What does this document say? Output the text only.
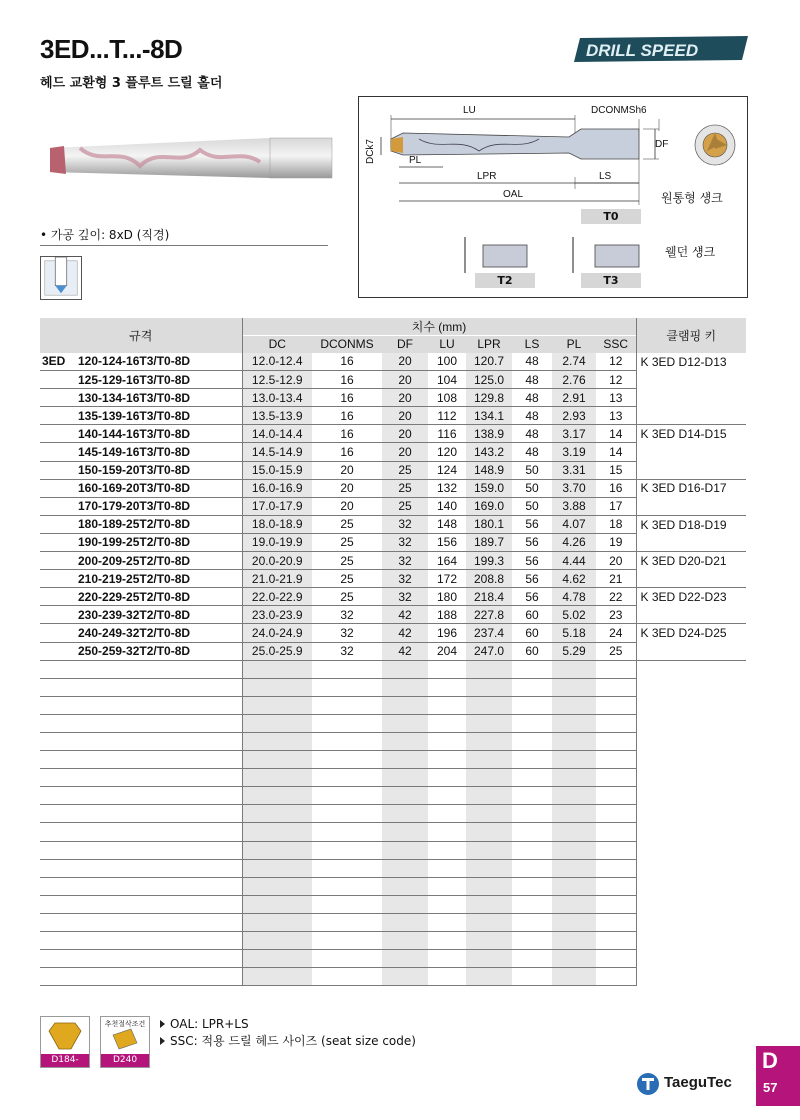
3ED...T...-8D
헤드 교환형 3 플루트 드릴 홀더
DRILL SPEED
• 가공 깊이: 8xD (직경)
LU	DCONMSh6
DCk7	DF
PL
LPR	LS
OAL
T0
T2	T3
원통형 섕크
웰던 섕크
규격	치수 (mm)								클램핑 키
	DC	DCONMS	DF	LU	LPR	LS	PL	SSC	
3ED 120-124-16T3/T0-8D	12.0-12.4	16	20	100	120.7	48	2.74	12	K 3ED D12-D13
125-129-16T3/T0-8D	12.5-12.9	16	20	104	125.0	48	2.76	12	
130-134-16T3/T0-8D	13.0-13.4	16	20	108	129.8	48	2.91	13	
135-139-16T3/T0-8D	13.5-13.9	16	20	112	134.1	48	2.93	13	
140-144-16T3/T0-8D	14.0-14.4	16	20	116	138.9	48	3.17	14	K 3ED D14-D15
145-149-16T3/T0-8D	14.5-14.9	16	20	120	143.2	48	3.19	14	
150-159-20T3/T0-8D	15.0-15.9	20	25	124	148.9	50	3.31	15	
160-169-20T3/T0-8D	16.0-16.9	20	25	132	159.0	50	3.70	16	K 3ED D16-D17
170-179-20T3/T0-8D	17.0-17.9	20	25	140	169.0	50	3.88	17	
180-189-25T2/T0-8D	18.0-18.9	25	32	148	180.1	56	4.07	18	K 3ED D18-D19
190-199-25T2/T0-8D	19.0-19.9	25	32	156	189.7	56	4.26	19	
200-209-25T2/T0-8D	20.0-20.9	25	32	164	199.3	56	4.44	20	K 3ED D20-D21
210-219-25T2/T0-8D	21.0-21.9	25	32	172	208.8	56	4.62	21	
220-229-25T2/T0-8D	22.0-22.9	25	32	180	218.4	56	4.78	22	K 3ED D22-D23
230-239-32T2/T0-8D	23.0-23.9	32	42	188	227.8	60	5.02	23	
240-249-32T2/T0-8D	24.0-24.9	32	42	196	237.4	60	5.18	24	K 3ED D24-D25
250-259-32T2/T0-8D	25.0-25.9	32	42	204	247.0	60	5.29	25	

D184-D187
추천절삭조건
D240
OAL: LPR+LS
SSC: 적용 드릴 헤드 사이즈 (seat size code)
TaeguTec
D
57
